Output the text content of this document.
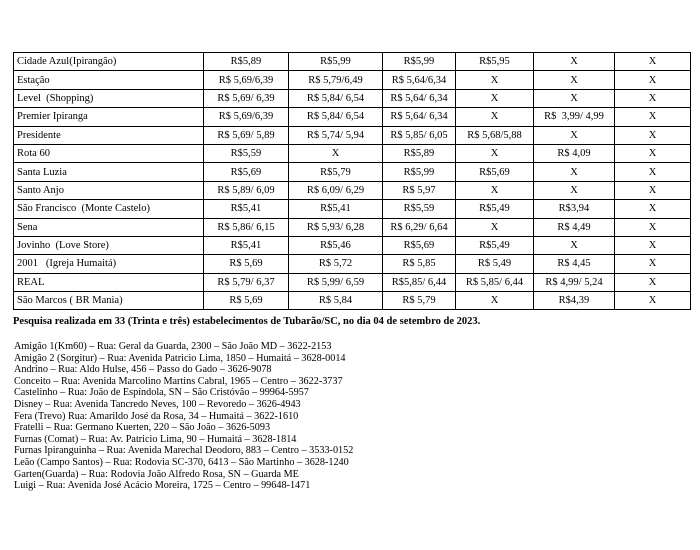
Cidade Azul(Ipirangão)	R$5,89	R$5,99	R$5,99	R$5,95	X	X
Estação	R$ 5,69/6,39	R$ 5,79/6,49	R$ 5,64/6,34	X	X	X
Level  (Shopping)	R$ 5,69/ 6,39	R$ 5,84/ 6,54	R$ 5,64/ 6,34	X	X	X
Premier Ipiranga	R$ 5,69/6,39	R$ 5,84/ 6,54	R$ 5,64/ 6,34	X	R$  3,99/ 4,99	X
Presidente	R$ 5,69/ 5,89	R$ 5,74/ 5,94	R$ 5,85/ 6,05	R$ 5,68/5,88	X	X
Rota 60	R$5,59	X	R$5,89	X	R$ 4,09	X
Santa Luzia	R$5,69	R$5,79	R$5,99	R$5,69	X	X
Santo Anjo	R$ 5,89/ 6,09	R$ 6,09/ 6,29	R$ 5,97	X	X	X
São Francisco  (Monte Castelo)	R$5,41	R$5,41	R$5,59	R$5,49	R$3,94	X
Sena	R$ 5,86/ 6,15	R$ 5,93/ 6,28	R$ 6,29/ 6,64	X	R$ 4,49	X
Jovinho  (Love Store)	R$5,41	R$5,46	R$5,69	R$5,49	X	X
2001   (Igreja Humaitá)	R$ 5,69	R$ 5,72	R$ 5,85	R$ 5,49	R$ 4,45	X
REAL	R$ 5,79/ 6,37	R$ 5,99/ 6,59	R$5,85/ 6,44	R$ 5,85/ 6,44	R$ 4,99/ 5,24	X
São Marcos ( BR Mania)	R$ 5,69	R$ 5,84	R$ 5,79	X	R$4,39	X

Pesquisa realizada em 33 (Trinta e três) estabelecimentos de Tubarão/SC, no dia 04 de setembro de 2023.

Amigão 1(Km60) – Rua: Geral da Guarda, 2300 – São João MD – 3622-2153
Amigão 2 (Sorgitur) – Rua: Avenida Patricio Lima, 1850 – Humaitá – 3628-0014
Andrino – Rua: Aldo Hulse, 456 – Passo do Gado – 3626-9078
Conceito – Rua: Avenida Marcolino Martins Cabral, 1965 – Centro – 3622-3737
Castelinho – Rua: João de Espíndola, SN – São Cristóvão – 99964-5957
Disney – Rua: Avenida Tancredo Neves, 100 – Revoredo – 3626-4943
Fera (Trevo) Rua: Amarildo José da Rosa, 34 – Humaitá – 3622-1610
Fratelli – Rua: Germano Kuerten, 220 – São João – 3626-5093
Furnas (Comat) – Rua: Av. Patricio Lima, 90 – Humaitá – 3628-1814
Furnas Ipiranguinha – Rua: Avenida Marechal Deodoro, 883 – Centro – 3533-0152
Leão (Campo Santos) – Rua: Rodovia SC-370, 6413 – São Martinho – 3628-1240
Garten(Guarda) – Rua: Rodovia João Alfredo Rosa, SN – Guarda ME
Luigi – Rua: Avenida José Acácio Moreira, 1725 – Centro – 99648-1471
